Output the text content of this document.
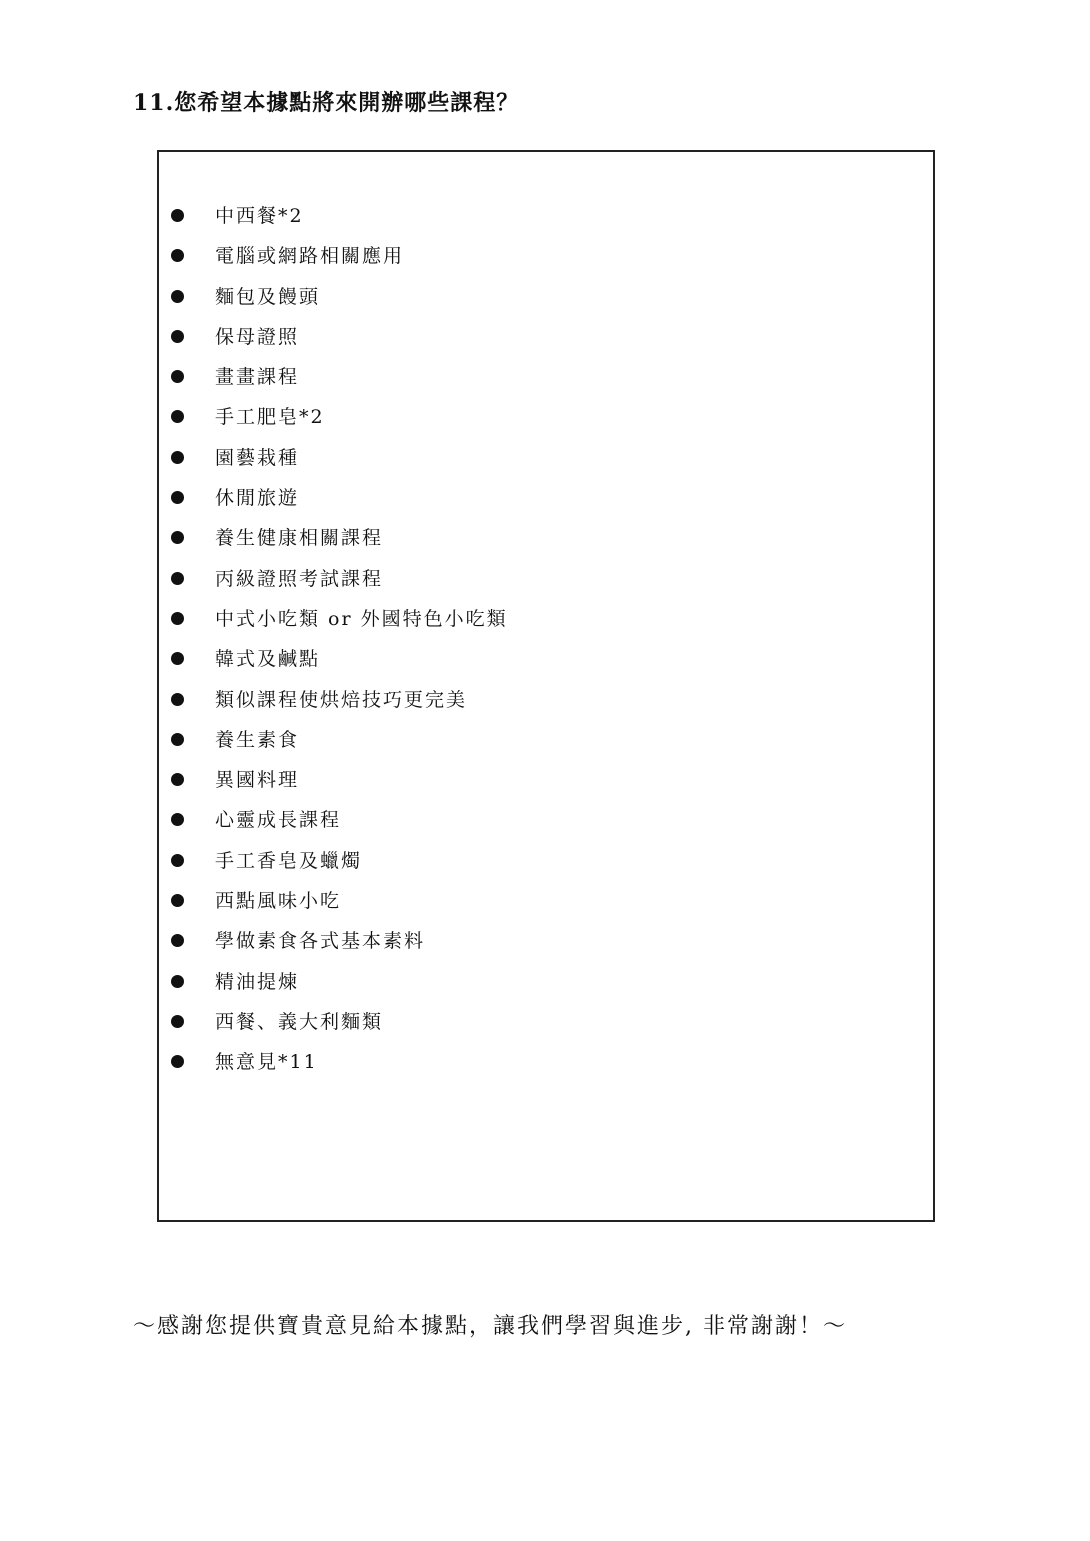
11.您希望本據點將來開辦哪些課程？
中西餐*2
電腦或網路相關應用
麵包及饅頭
保母證照
畫畫課程
手工肥皂*2
園藝栽種
休閒旅遊
養生健康相關課程
丙級證照考試課程
中式小吃類 or 外國特色小吃類
韓式及鹹點
類似課程使烘焙技巧更完美
養生素食
異國料理
心靈成長課程
手工香皂及蠟燭
西點風味小吃
學做素食各式基本素料
精油提煉
西餐、義大利麵類
無意見*11
～感謝您提供寶貴意見給本據點，讓我們學習與進步, 非常謝謝！～
